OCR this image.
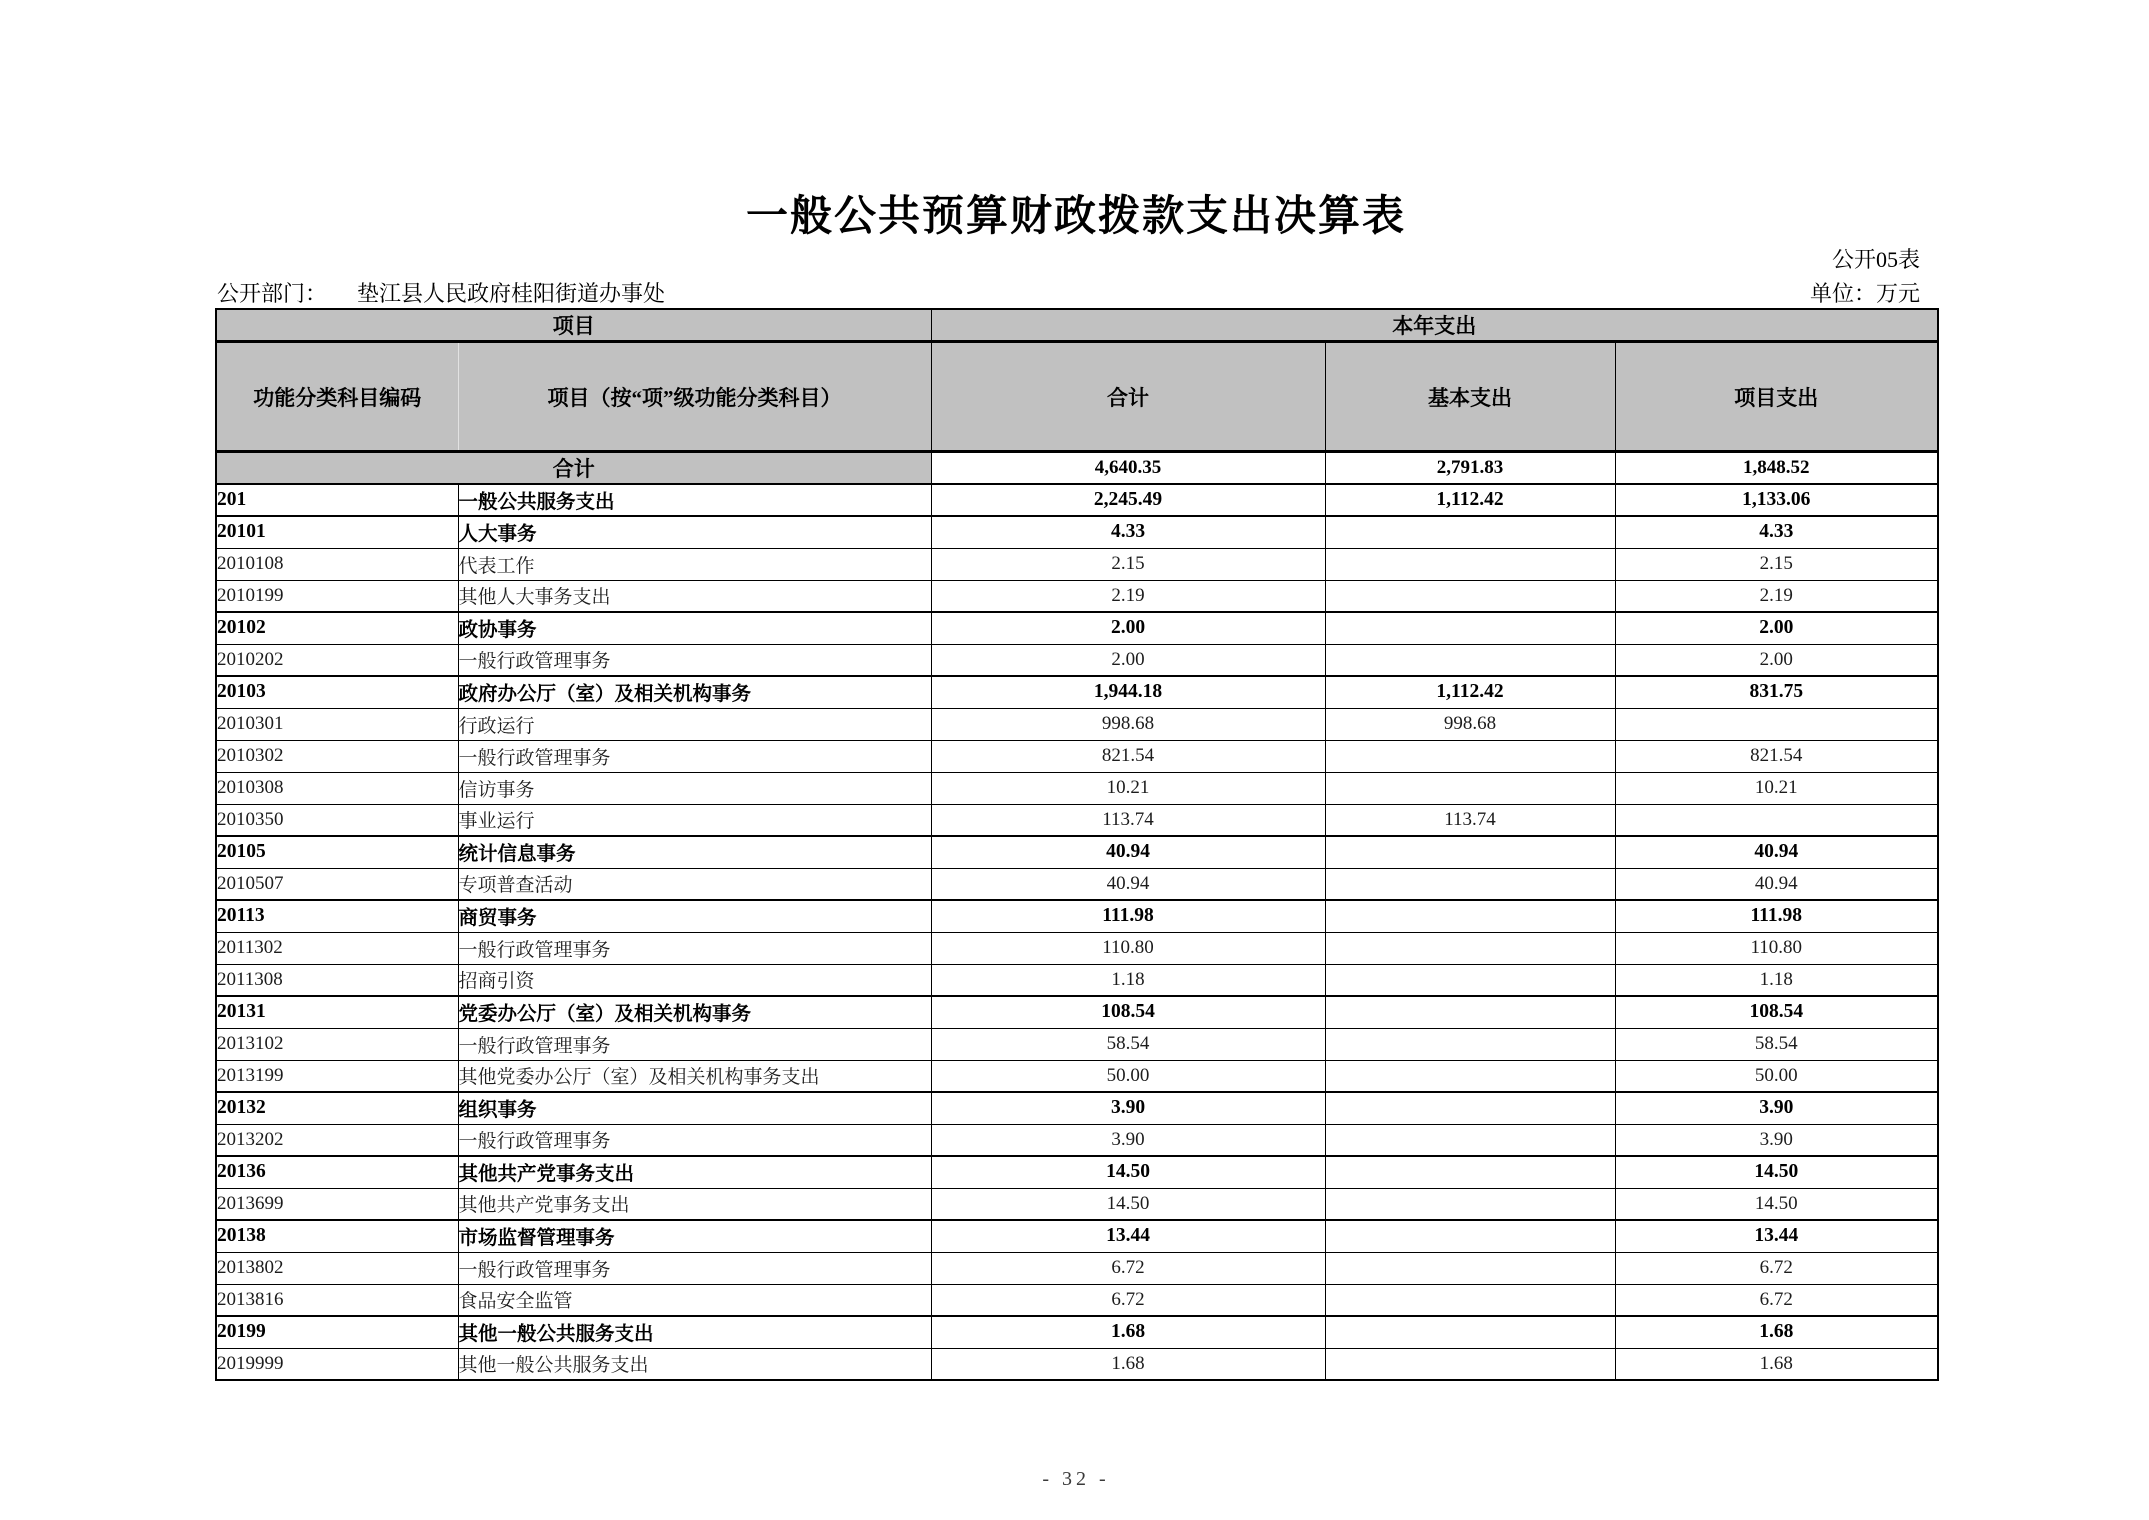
一般公共预算财政拨款支出决算表
公开05表
公开部门： 垫江县人民政府桂阳街道办事处	单位：万元
项目		本年支出		
功能分类科目编码	项目（按“项”级功能分类科目）	合计	基本支出	项目支出
合计		4,640.35	2,791.83	1,848.52
201	一般公共服务支出	2,245.49	1,112.42	1,133.06
20101	人大事务	4.33		4.33
2010108	代表工作	2.15		2.15
2010199	其他人大事务支出	2.19		2.19
20102	政协事务	2.00		2.00
2010202	一般行政管理事务	2.00		2.00
20103	政府办公厅（室）及相关机构事务	1,944.18	1,112.42	831.75
2010301	行政运行	998.68	998.68	
2010302	一般行政管理事务	821.54		821.54
2010308	信访事务	10.21		10.21
2010350	事业运行	113.74	113.74	
20105	统计信息事务	40.94		40.94
2010507	专项普查活动	40.94		40.94
20113	商贸事务	111.98		111.98
2011302	一般行政管理事务	110.80		110.80
2011308	招商引资	1.18		1.18
20131	党委办公厅（室）及相关机构事务	108.54		108.54
2013102	一般行政管理事务	58.54		58.54
2013199	其他党委办公厅（室）及相关机构事务支出	50.00		50.00
20132	组织事务	3.90		3.90
2013202	一般行政管理事务	3.90		3.90
20136	其他共产党事务支出	14.50		14.50
2013699	其他共产党事务支出	14.50		14.50
20138	市场监督管理事务	13.44		13.44
2013802	一般行政管理事务	6.72		6.72
2013816	食品安全监管	6.72		6.72
20199	其他一般公共服务支出	1.68		1.68
2019999	其他一般公共服务支出	1.68		1.68
- 32 -
